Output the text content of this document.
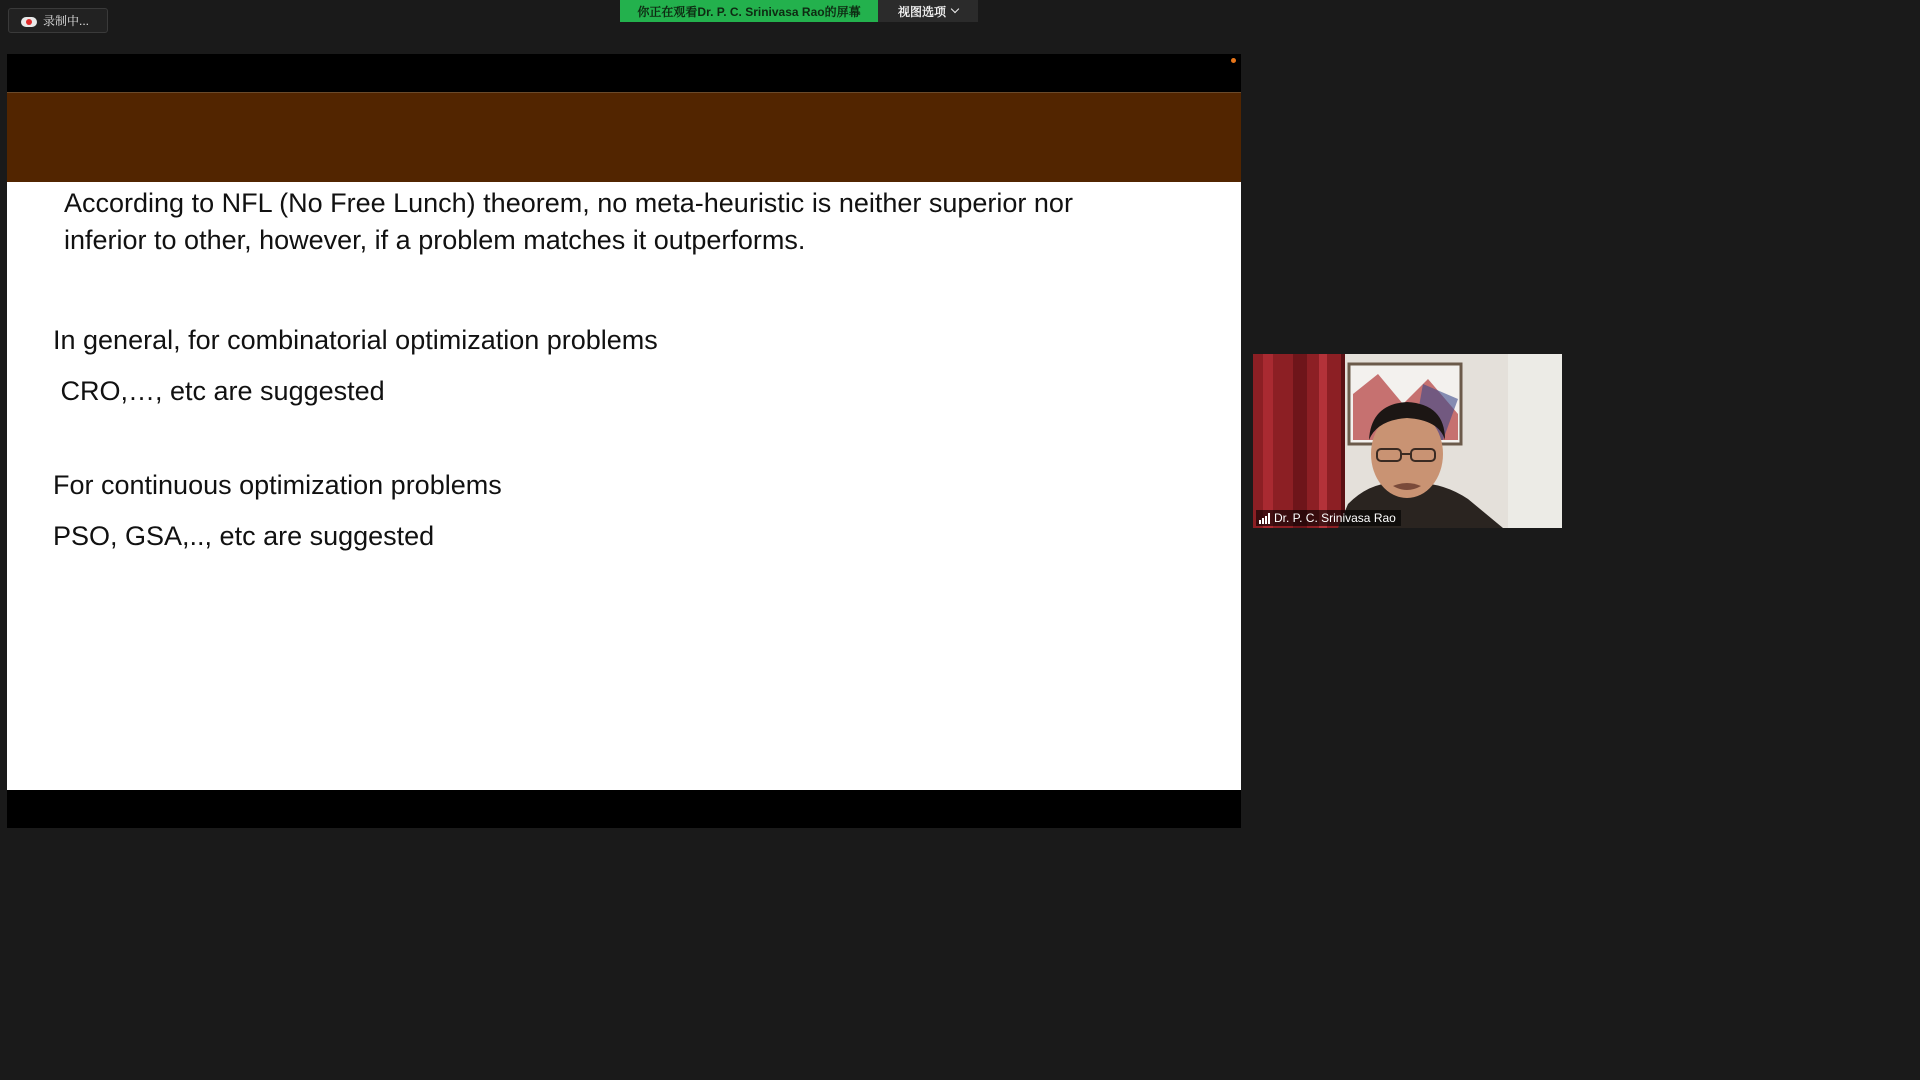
录制中...
你正在观看Dr. P. C. Srinivasa Rao的屏幕	视图选项
According to NFL (No Free Lunch) theorem, no meta-heuristic is neither superior nor
inferior to other, however, if a problem matches it outperforms.
In general, for combinatorial optimization problems
CRO,…, etc are suggested
For continuous optimization problems
PSO, GSA,.., etc are suggested
Dr. P. C. Srinivasa Rao
